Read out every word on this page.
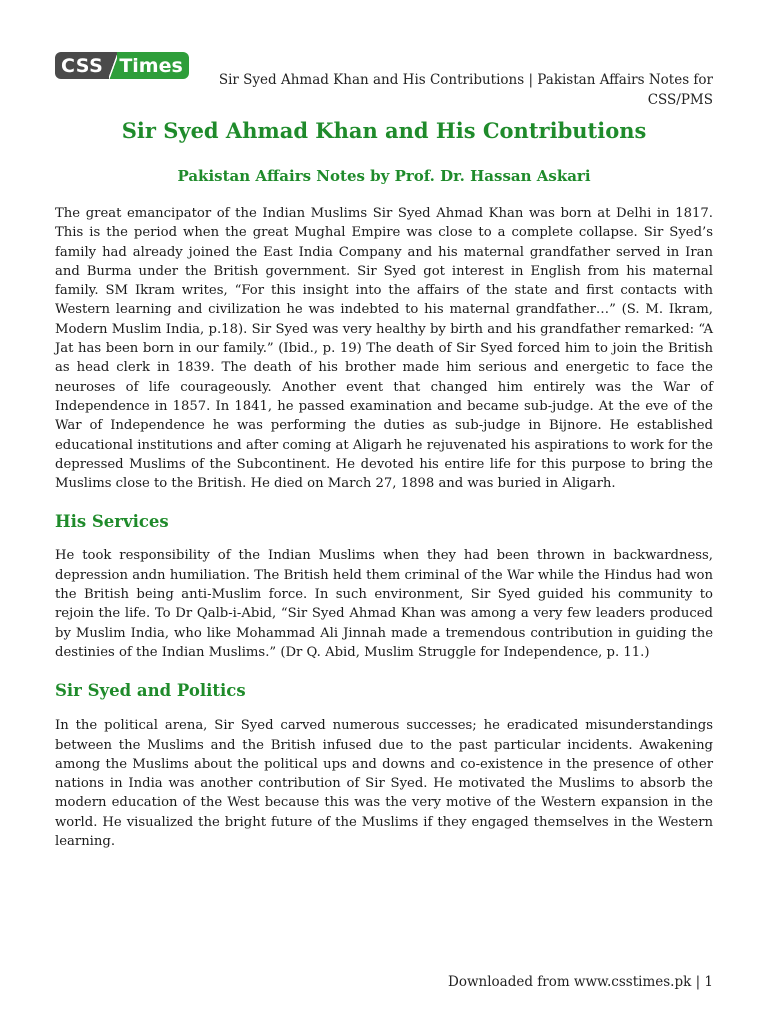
CSS Times
Sir Syed Ahmad Khan and His Contributions | Pakistan Affairs Notes for CSS/PMS
Sir Syed Ahmad Khan and His Contributions
Pakistan Affairs Notes by Prof. Dr. Hassan Askari

The great emancipator of the Indian Muslims Sir Syed Ahmad Khan was born at Delhi in 1817. This is the period when the great Mughal Empire was close to a complete collapse. Sir Syed’s family had already joined the East India Company and his maternal grandfather served in Iran and Burma under the British government. Sir Syed got interest in English from his maternal family. SM Ikram writes, “For this insight into the affairs of the state and first contacts with Western learning and civilization he was indebted to his maternal grandfather…” (S. M. Ikram, Modern Muslim India, p.18). Sir Syed was very healthy by birth and his grandfather remarked: “A Jat has been born in our family.” (Ibid., p. 19) The death of Sir Syed forced him to join the British as head clerk in 1839. The death of his brother made him serious and energetic to face the neuroses of life courageously. Another event that changed him entirely was the War of Independence in 1857. In 1841, he passed examination and became sub-judge. At the eve of the War of Independence he was performing the duties as sub-judge in Bijnore. He established educational institutions and after coming at Aligarh he rejuvenated his aspirations to work for the depressed Muslims of the Subcontinent. He devoted his entire life for this purpose to bring the Muslims close to the British. He died on March 27, 1898 and was buried in Aligarh.

His Services

He took responsibility of the Indian Muslims when they had been thrown in backwardness, depression andn humiliation. The British held them criminal of the War while the Hindus had won the British being anti-Muslim force. In such environment, Sir Syed guided his community to rejoin the life. To Dr Qalb-i-Abid, “Sir Syed Ahmad Khan was among a very few leaders produced by Muslim India, who like Mohammad Ali Jinnah made a tremendous contribution in guiding the destinies of the Indian Muslims.” (Dr Q. Abid, Muslim Struggle for Independence, p. 11.)

Sir Syed and Politics

In the political arena, Sir Syed carved numerous successes; he eradicated misunderstandings between the Muslims and the British infused due to the past particular incidents. Awakening among the Muslims about the political ups and downs and co-existence in the presence of other nations in India was another contribution of Sir Syed. He motivated the Muslims to absorb the modern education of the West because this was the very motive of the Western expansion in the world. He visualized the bright future of the Muslims if they engaged themselves in the Western learning.

Downloaded from www.csstimes.pk | 1
